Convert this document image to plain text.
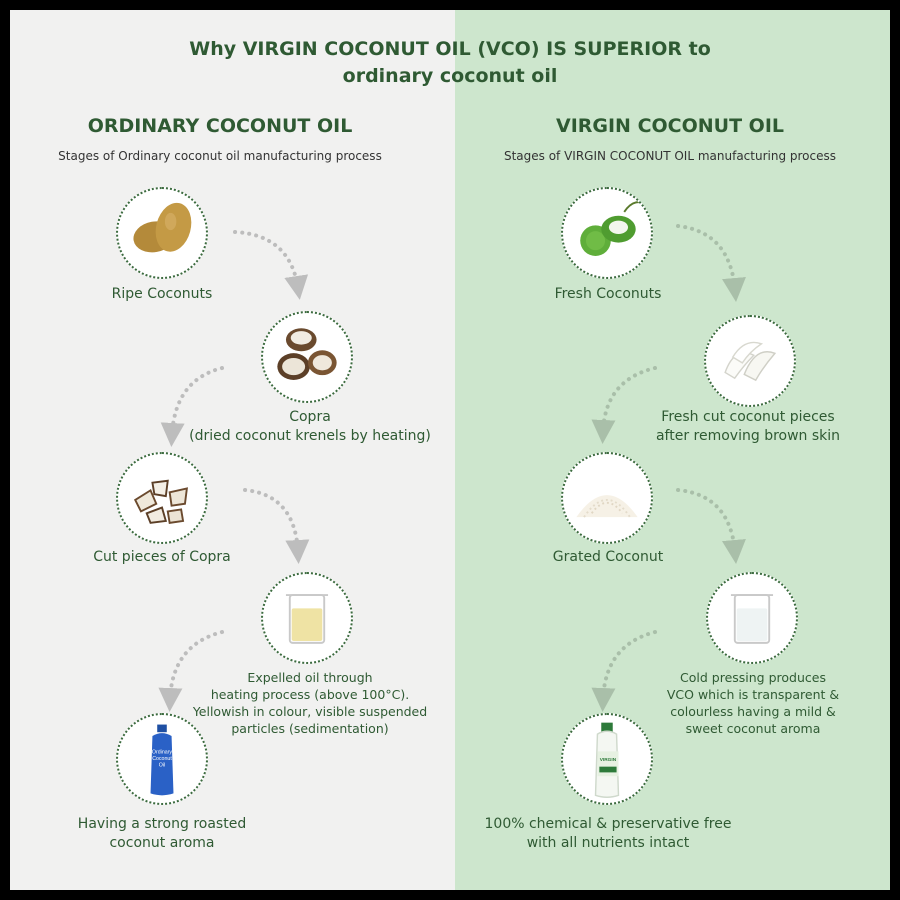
Why VIRGIN COCONUT OIL (VCO) IS SUPERIOR to
ordinary coconut oil
ORDINARY COCONUT OIL
Stages of Ordinary coconut oil manufacturing process
VIRGIN COCONUT OIL
Stages of VIRGIN COCONUT OIL manufacturing process
Ripe Coconuts
Copra
(dried coconut krenels by heating)
Cut pieces of Copra
Expelled oil through
heating process (above 100°C).
Yellowish in colour, visible suspended
particles (sedimentation)
Ordinary
Coconut
Oil
Having a strong roasted
coconut aroma
Fresh Coconuts
Fresh cut coconut pieces
after removing brown skin
Grated Coconut
Cold pressing produces
VCO which is transparent &
colourless having a mild &
sweet coconut aroma
VIRGIN
100% chemical & preservative free
with all nutrients intact
